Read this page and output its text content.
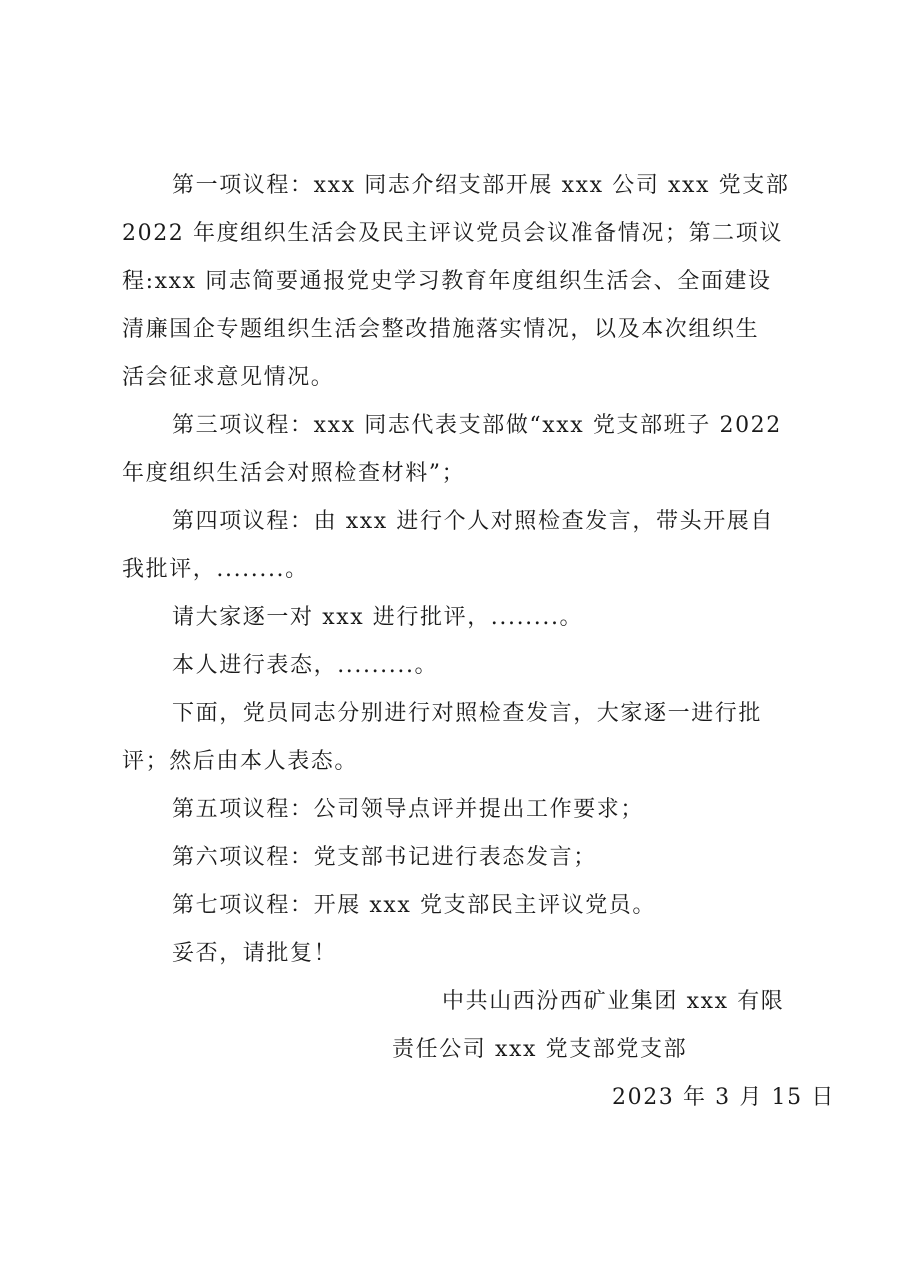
第一项议程：xxx 同志介绍支部开展 xxx 公司 xxx 党支部
2022 年度组织生活会及民主评议党员会议准备情况；第二项议
程:xxx 同志简要通报党史学习教育年度组织生活会、全面建设
清廉国企专题组织生活会整改措施落实情况，以及本次组织生
活会征求意见情况。
第三项议程：xxx 同志代表支部做“xxx 党支部班子 2022
年度组织生活会对照检查材料”；
第四项议程：由 xxx 进行个人对照检查发言，带头开展自
我批评，........。
请大家逐一对 xxx 进行批评，........。
本人进行表态，.........。
下面，党员同志分别进行对照检查发言，大家逐一进行批
评；然后由本人表态。
第五项议程：公司领导点评并提出工作要求；
第六项议程：党支部书记进行表态发言；
第七项议程：开展 xxx 党支部民主评议党员。
妥否，请批复！
中共山西汾西矿业集团 xxx 有限
责任公司 xxx 党支部党支部
2023 年 3 月 15 日
